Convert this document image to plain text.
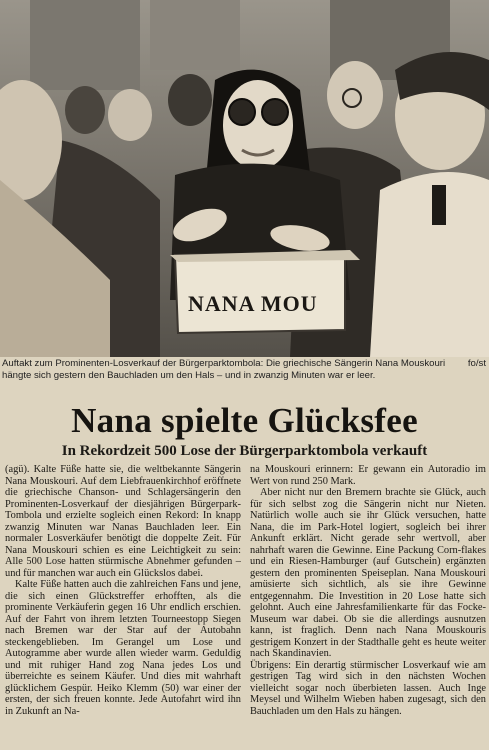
NANA MOU
fo/st
Auftakt zum Prominenten-Losverkauf der Bürgerparktombola: Die griechische Sängerin Nana Mouskouri hängte sich gestern den Bauchladen um den Hals – und in zwanzig Minuten war er leer.
Nana spielte Glücksfee
In Rekordzeit 500 Lose der Bürgerparktombola verkauft

(agü). Kalte Füße hatte sie, die weltbekannte Sängerin Nana Mouskouri. Auf dem Liebfrauenkirchhof eröffnete die griechische Chanson- und Schlagersängerin den Prominenten-Losverkauf der diesjährigen Bürgerpark-Tombola und erzielte sogleich einen Rekord: In knapp zwanzig Minuten war Nanas Bauchladen leer. Ein normaler Losverkäufer benötigt die doppelte Zeit. Für Nana Mouskouri schien es eine Leichtigkeit zu sein: Alle 500 Lose hatten stürmische Abnehmer gefunden – und für manchen war auch ein Glückslos dabei.

Kalte Füße hatten auch die zahlreichen Fans und jene, die sich einen Glückstreffer erhofften, als die prominente Verkäuferin gegen 16 Uhr endlich erschien. Auf der Fahrt von ihrem letzten Tourneestopp Siegen nach Bremen war der Star auf der Autobahn steckengeblieben. Im Gerangel um Lose und Autogramme aber wurde allen wieder warm. Geduldig und mit ruhiger Hand zog Nana jedes Los und überreichte es seinem Käufer. Und dies mit wahrhaft glücklichem Gespür. Heiko Klemm (50) war einer der ersten, der sich freuen konnte. Jede Autofahrt wird ihn in Zukunft an Na-

na Mouskouri erinnern: Er gewann ein Autoradio im Wert von rund 250 Mark.

Aber nicht nur den Bremern brachte sie Glück, auch für sich selbst zog die Sängerin nicht nur Nieten. Natürlich wolle auch sie ihr Glück versuchen, hatte Nana, die im Park-Hotel logiert, sogleich bei ihrer Ankunft erklärt. Nicht gerade sehr wertvoll, aber nahrhaft waren die Gewinne. Eine Packung Corn-flakes und ein Riesen-Hamburger (auf Gutschein) ergänzten gestern den prominenten Speiseplan. Nana Mouskouri amüsierte sich sichtlich, als sie ihre Gewinne entgegennahm. Die Investition in 20 Lose hatte sich gelohnt. Auch eine Jahresfamilienkarte für das Focke-Museum war dabei. Ob sie die allerdings ausnutzen kann, ist fraglich. Denn nach Nana Mouskouris gestrigem Konzert in der Stadthalle geht es heute weiter nach Skandinavien.

Übrigens: Ein derartig stürmischer Losverkauf wie am gestrigen Tag wird sich in den nächsten Wochen vielleicht sogar noch überbieten lassen. Auch Inge Meysel und Wilhelm Wieben haben zugesagt, sich den Bauchladen um den Hals zu hängen.
